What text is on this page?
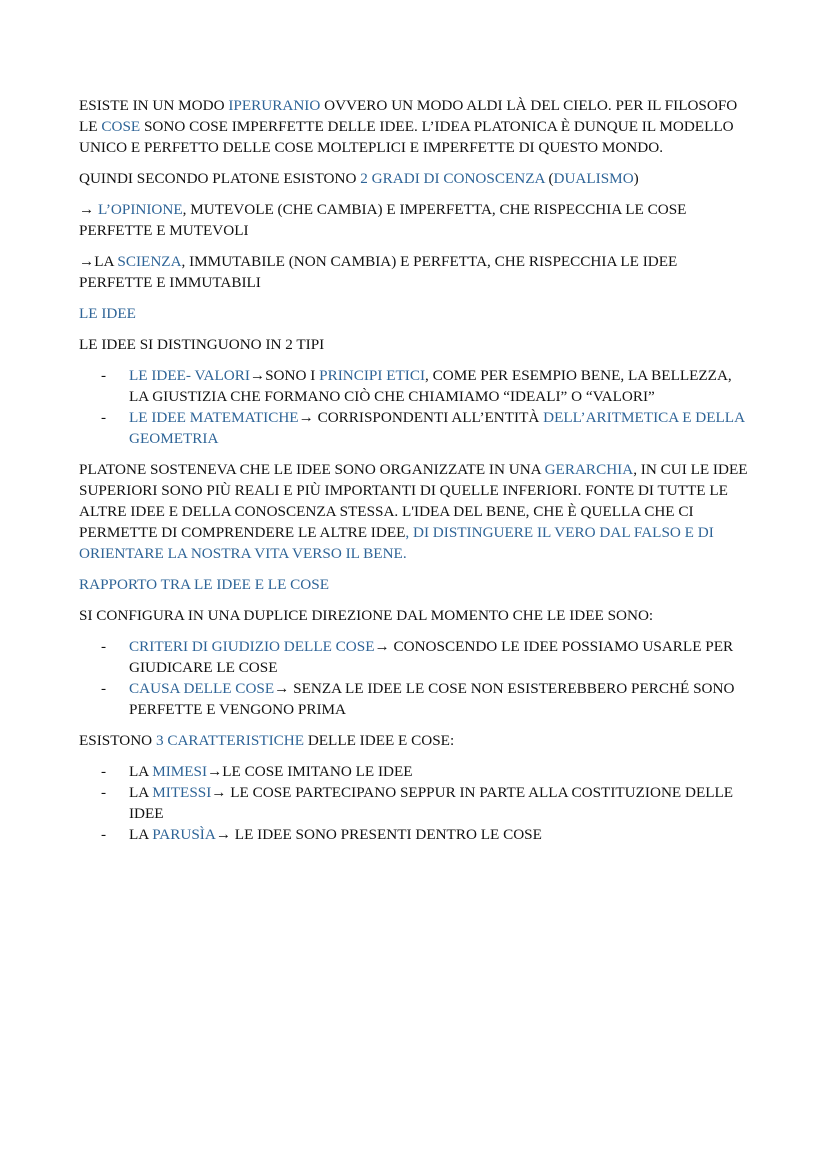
ESISTE IN UN MODO IPERURANIO OVVERO UN MODO ALDI LÀ DEL CIELO. PER IL FILOSOFO LE COSE SONO COSE IMPERFETTE DELLE IDEE. L’IDEA PLATONICA È DUNQUE IL MODELLO UNICO E PERFETTO DELLE COSE MOLTEPLICI E IMPERFETTE DI QUESTO MONDO.

QUINDI SECONDO PLATONE ESISTONO 2 GRADI DI CONOSCENZA (DUALISMO)

→ L’OPINIONE, MUTEVOLE (CHE CAMBIA) E IMPERFETTA, CHE RISPECCHIA LE COSE PERFETTE E MUTEVOLI

→LA SCIENZA, IMMUTABILE (NON CAMBIA) E PERFETTA, CHE RISPECCHIA LE IDEE PERFETTE E IMMUTABILI

LE IDEE

LE IDEE SI DISTINGUONO IN 2 TIPI

- LE IDEE- VALORI→SONO I PRINCIPI ETICI, COME PER ESEMPIO BENE, LA BELLEZZA, LA GIUSTIZIA CHE FORMANO CIÒ CHE CHIAMIAMO “IDEALI” O “VALORI”
- LE IDEE MATEMATICHE→ CORRISPONDENTI ALL’ENTITÀ DELL’ARITMETICA E DELLA GEOMETRIA

PLATONE SOSTENEVA CHE LE IDEE SONO ORGANIZZATE IN UNA GERARCHIA, IN CUI LE IDEE SUPERIORI SONO PIÙ REALI E PIÙ IMPORTANTI DI QUELLE INFERIORI. FONTE DI TUTTE LE ALTRE IDEE E DELLA CONOSCENZA STESSA. L'IDEA DEL BENE, CHE È QUELLA CHE CI PERMETTE DI COMPRENDERE LE ALTRE IDEE, DI DISTINGUERE IL VERO DAL FALSO E DI ORIENTARE LA NOSTRA VITA VERSO IL BENE.

RAPPORTO TRA LE IDEE E LE COSE

SI CONFIGURA IN UNA DUPLICE DIREZIONE DAL MOMENTO CHE LE IDEE SONO:

- CRITERI DI GIUDIZIO DELLE COSE→ CONOSCENDO LE IDEE POSSIAMO USARLE PER GIUDICARE LE COSE
- CAUSA DELLE COSE→ SENZA LE IDEE LE COSE NON ESISTEREBBERO PERCHÉ SONO PERFETTE E VENGONO PRIMA

ESISTONO 3 CARATTERISTICHE DELLE IDEE E COSE:

- LA MIMESI→LE COSE IMITANO LE IDEE
- LA MITESSI→ LE COSE PARTECIPANO SEPPUR IN PARTE ALLA COSTITUZIONE DELLE IDEE
- LA PARUSÌA→ LE IDEE SONO PRESENTI DENTRO LE COSE
